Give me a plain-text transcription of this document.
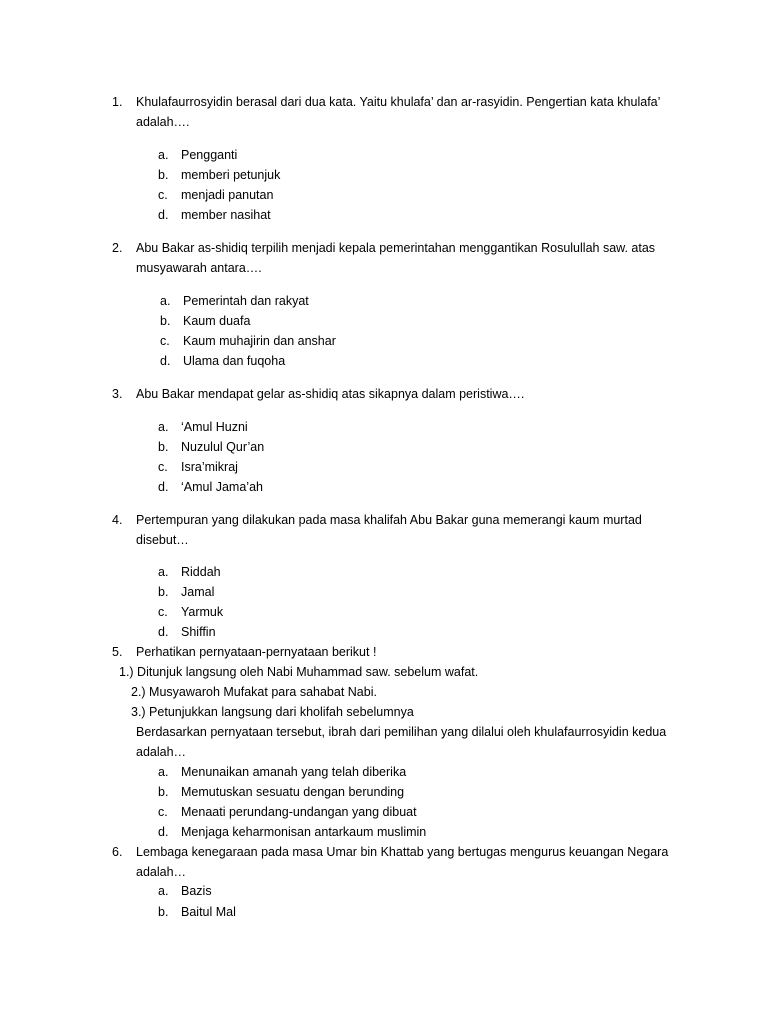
1. Khulafaurrosyidin berasal dari dua kata. Yaitu khulafa’ dan ar-rasyidin. Pengertian kata khulafa’
adalah….
a. Pengganti
b. memberi petunjuk
c. menjadi panutan
d. member nasihat
2. Abu Bakar as-shidiq terpilih menjadi kepala pemerintahan menggantikan Rosulullah saw. atas
musyawarah antara….
a. Pemerintah dan rakyat
b. Kaum duafa
c. Kaum muhajirin dan anshar
d. Ulama dan fuqoha
3. Abu Bakar mendapat gelar as-shidiq atas sikapnya dalam peristiwa….
a. ‘Amul Huzni
b. Nuzulul Qur’an
c. Isra’mikraj
d. ‘Amul Jama’ah
4. Pertempuran yang dilakukan pada masa khalifah Abu Bakar guna memerangi kaum murtad
disebut…
a. Riddah
b. Jamal
c. Yarmuk
d. Shiffin
5. Perhatikan pernyataan-pernyataan berikut !
1.) Ditunjuk langsung oleh Nabi Muhammad saw. sebelum wafat.
2.) Musyawaroh Mufakat para sahabat Nabi.
3.) Petunjukkan langsung dari kholifah sebelumnya
Berdasarkan pernyataan tersebut, ibrah dari pemilihan yang dilalui oleh khulafaurrosyidin kedua
adalah…
a. Menunaikan amanah yang telah diberika
b. Memutuskan sesuatu dengan berunding
c. Menaati perundang-undangan yang dibuat
d. Menjaga keharmonisan antarkaum muslimin
6. Lembaga kenegaraan pada masa Umar bin Khattab yang bertugas mengurus keuangan Negara
adalah…
a. Bazis
b. Baitul Mal
